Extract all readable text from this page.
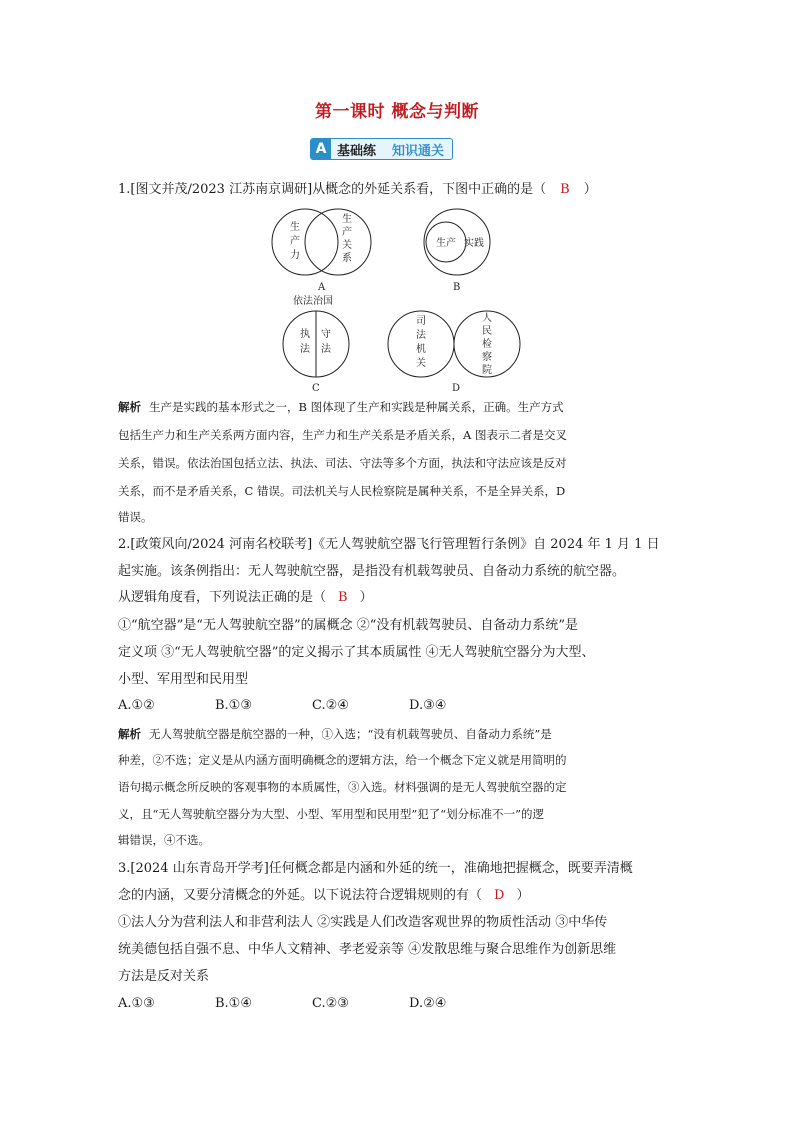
第一课时 概念与判断
A 基础练	知识通关
1.[图文并茂/2023 江苏南京调研]从概念的外延关系看，下图中正确的是（ B ）
生
产
力
生
产
关
系
A
生产 实践
B
依法治国
执
法
守
法
C
司
法
机
关
人
民
检
察
院
D
解析 生产是实践的基本形式之一，B 图体现了生产和实践是种属关系，正确。生产方式
包括生产力和生产关系两方面内容，生产力和生产关系是矛盾关系，A 图表示二者是交叉
关系，错误。依法治国包括立法、执法、司法、守法等多个方面，执法和守法应该是反对
关系，而不是矛盾关系，C 错误。司法机关与人民检察院是属种关系，不是全异关系，D
错误。
2.[政策风向/2024 河南名校联考]《无人驾驶航空器飞行管理暂行条例》自 2024 年 1 月 1 日
起实施。该条例指出：无人驾驶航空器，是指没有机载驾驶员、自备动力系统的航空器。
从逻辑角度看，下列说法正确的是（ B ）
①“航空器”是“无人驾驶航空器”的属概念 ②“没有机载驾驶员、自备动力系统”是
定义项 ③“无人驾驶航空器”的定义揭示了其本质属性 ④无人驾驶航空器分为大型、
小型、军用型和民用型
A.①②	B.①③	C.②④	D.③④
解析 无人驾驶航空器是航空器的一种，①入选；“没有机载驾驶员、自备动力系统”是
种差，②不选；定义是从内涵方面明确概念的逻辑方法，给一个概念下定义就是用简明的
语句揭示概念所反映的客观事物的本质属性，③入选。材料强调的是无人驾驶航空器的定
义，且“无人驾驶航空器分为大型、小型、军用型和民用型”犯了“划分标准不一”的逻
辑错误，④不选。
3.[2024 山东青岛开学考]任何概念都是内涵和外延的统一，准确地把握概念，既要弄清概
念的内涵，又要分清概念的外延。以下说法符合逻辑规则的有（ D ）
①法人分为营利法人和非营利法人 ②实践是人们改造客观世界的物质性活动 ③中华传
统美德包括自强不息、中华人文精神、孝老爱亲等 ④发散思维与聚合思维作为创新思维
方法是反对关系
A.①③	B.①④	C.②③	D.②④
